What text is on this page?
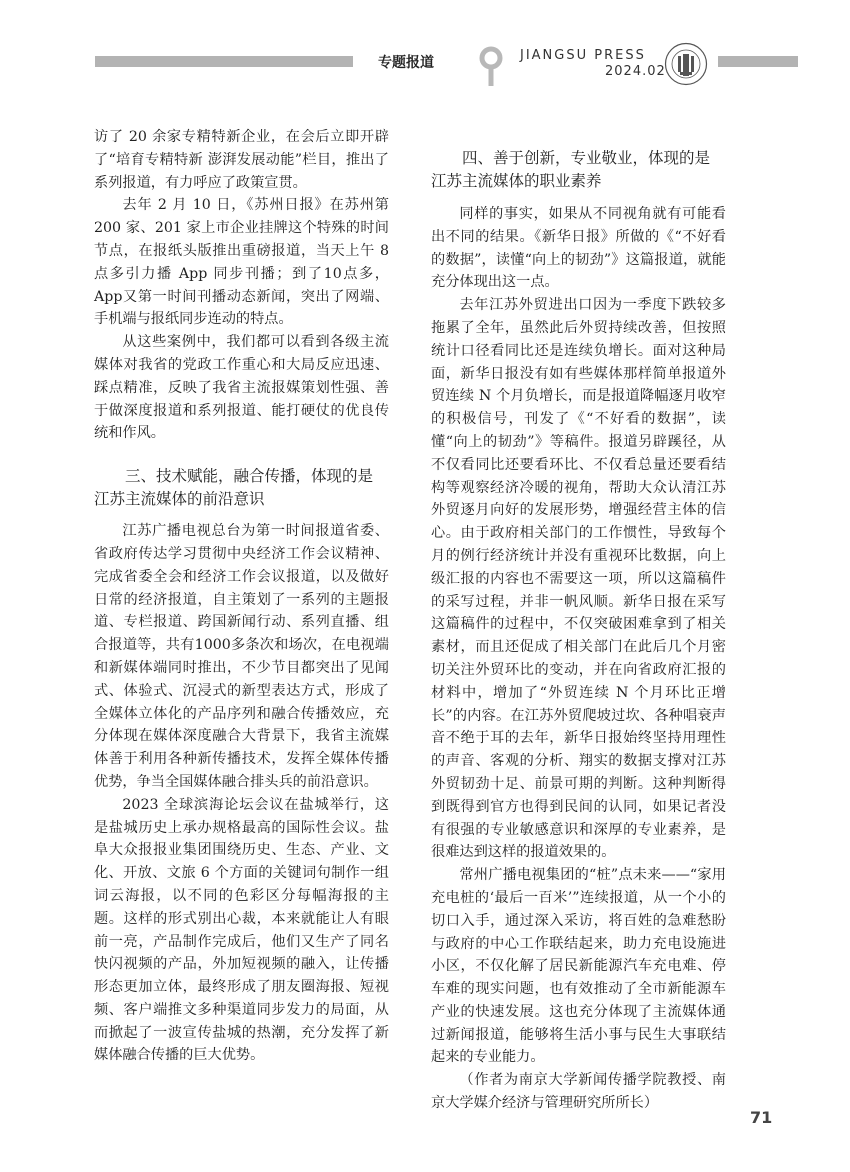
专题报道	JIANGSU PRESS
2024.02

访了 20 余家专精特新企业，在会后立即开辟了“培育专精特新 澎湃发展动能”栏目，推出了系列报道，有力呼应了政策宣贯。

去年 2 月 10 日，《苏州日报》在苏州第 200 家、201 家上市企业挂牌这个特殊的时间节点，在报纸头版推出重磅报道，当天上午 8 点多引力播 App 同步刊播；到了10点多，App又第一时间刊播动态新闻，突出了网端、手机端与报纸同步连动的特点。

从这些案例中，我们都可以看到各级主流媒体对我省的党政工作重心和大局反应迅速、踩点精准，反映了我省主流报媒策划性强、善于做深度报道和系列报道、能打硬仗的优良传统和作风。

三、技术赋能，融合传播，体现的是
江苏主流媒体的前沿意识

江苏广播电视总台为第一时间报道省委、省政府传达学习贯彻中央经济工作会议精神、完成省委全会和经济工作会议报道，以及做好日常的经济报道，自主策划了一系列的主题报道、专栏报道、跨国新闻行动、系列直播、组合报道等，共有1000多条次和场次，在电视端和新媒体端同时推出，不少节目都突出了见闻式、体验式、沉浸式的新型表达方式，形成了全媒体立体化的产品序列和融合传播效应，充分体现在媒体深度融合大背景下，我省主流媒体善于利用各种新传播技术，发挥全媒体传播优势，争当全国媒体融合排头兵的前沿意识。

2023 全球滨海论坛会议在盐城举行，这是盐城历史上承办规格最高的国际性会议。盐阜大众报报业集团围绕历史、生态、产业、文化、开放、文旅 6 个方面的关键词句制作一组词云海报，以不同的色彩区分每幅海报的主题。这样的形式别出心裁，本来就能让人有眼前一亮，产品制作完成后，他们又生产了同名快闪视频的产品，外加短视频的融入，让传播形态更加立体，最终形成了朋友圈海报、短视频、客户端推文多种渠道同步发力的局面，从而掀起了一波宣传盐城的热潮，充分发挥了新媒体融合传播的巨大优势。

四、善于创新，专业敬业，体现的是
江苏主流媒体的职业素养

同样的事实，如果从不同视角就有可能看出不同的结果。《新华日报》所做的《“不好看的数据”，读懂“向上的韧劲”》这篇报道，就能充分体现出这一点。

去年江苏外贸进出口因为一季度下跌较多拖累了全年，虽然此后外贸持续改善，但按照统计口径看同比还是连续负增长。面对这种局面，新华日报没有如有些媒体那样简单报道外贸连续 N 个月负增长，而是报道降幅逐月收窄的积极信号，刊发了《“不好看的数据”，读懂“向上的韧劲”》等稿件。报道另辟蹊径，从不仅看同比还要看环比、不仅看总量还要看结构等观察经济冷暖的视角，帮助大众认清江苏外贸逐月向好的发展形势，增强经营主体的信心。由于政府相关部门的工作惯性，导致每个月的例行经济统计并没有重视环比数据，向上级汇报的内容也不需要这一项，所以这篇稿件的采写过程，并非一帆风顺。新华日报在采写这篇稿件的过程中，不仅突破困难拿到了相关素材，而且还促成了相关部门在此后几个月密切关注外贸环比的变动，并在向省政府汇报的材料中，增加了“外贸连续 N 个月环比正增长”的内容。在江苏外贸爬坡过坎、各种唱衰声音不绝于耳的去年，新华日报始终坚持用理性的声音、客观的分析、翔实的数据支撑对江苏外贸韧劲十足、前景可期的判断。这种判断得到既得到官方也得到民间的认同，如果记者没有很强的专业敏感意识和深厚的专业素养，是很难达到这样的报道效果的。

常州广播电视集团的“桩”点未来——“家用充电桩的‘最后一百米’”连续报道，从一个小的切口入手，通过深入采访，将百姓的急难愁盼与政府的中心工作联结起来，助力充电设施进小区，不仅化解了居民新能源汽车充电难、停车难的现实问题，也有效推动了全市新能源车产业的快速发展。这也充分体现了主流媒体通过新闻报道，能够将生活小事与民生大事联结起来的专业能力。

（作者为南京大学新闻传播学院教授、南京大学媒介经济与管理研究所所长）

71
